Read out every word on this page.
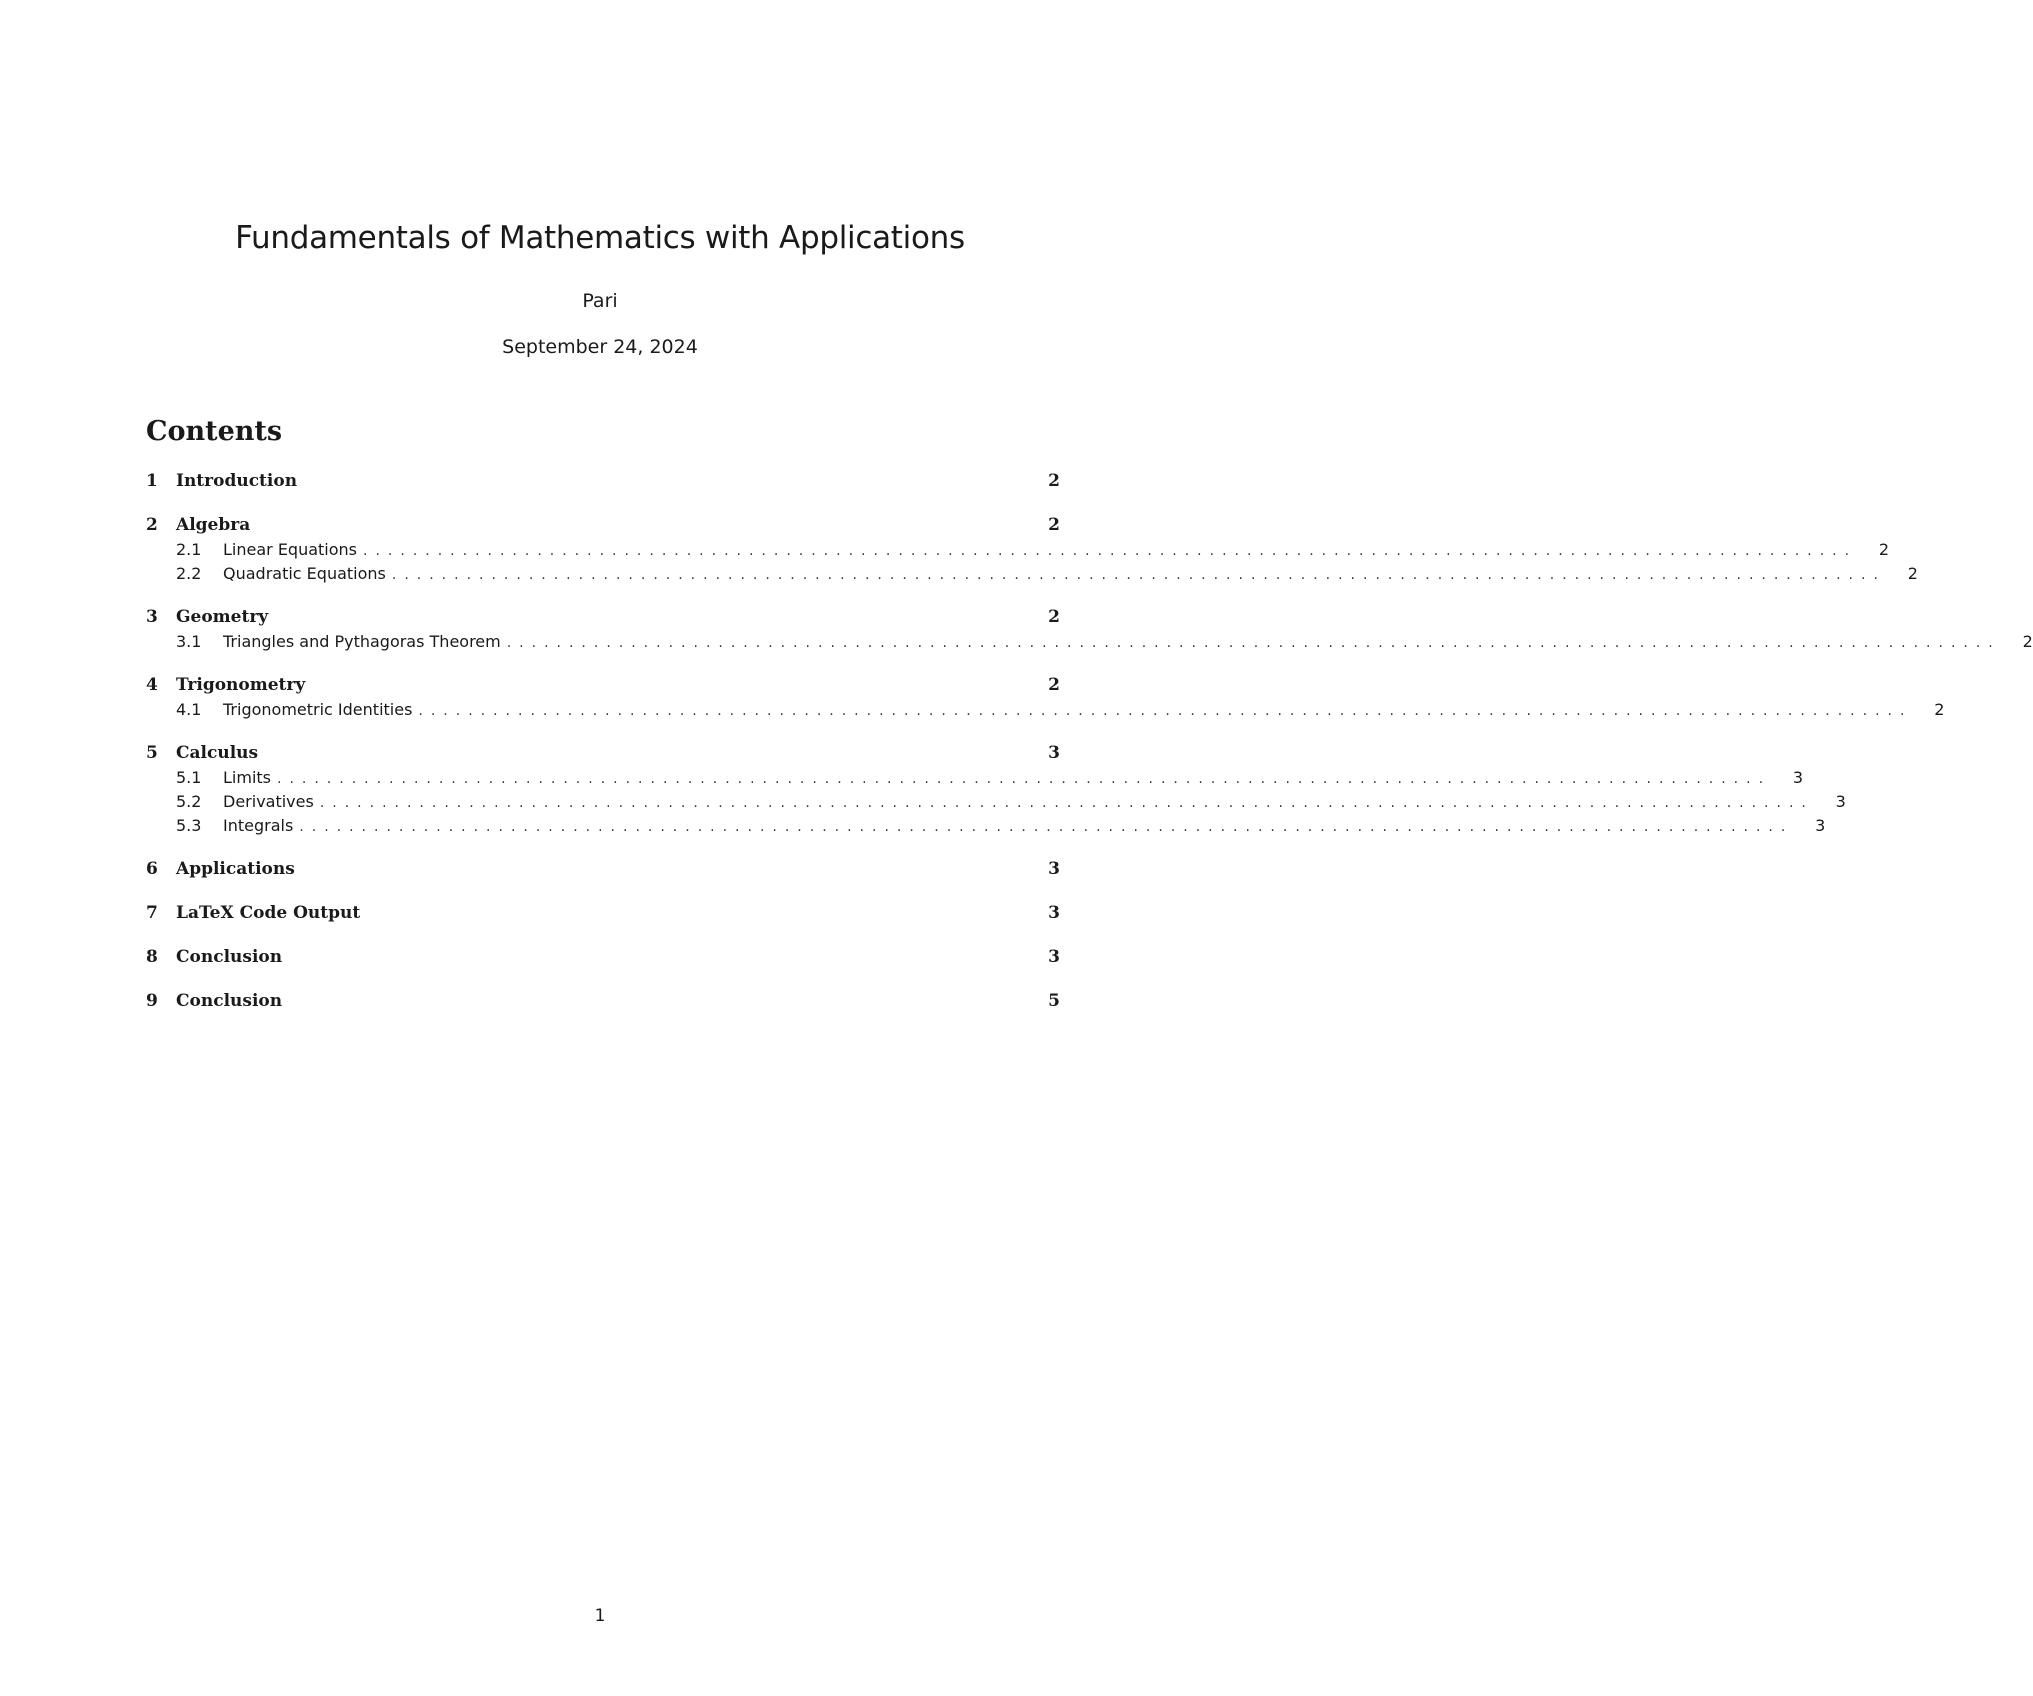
Fundamentals of Mathematics with Applications
Pari
September 24, 2024
Contents
1	Introduction	2
2	Algebra	2
2.1	Linear Equations ........................................................................................................................	2
2.2	Quadratic Equations ........................................................................................................................	2
3	Geometry	2
3.1	Triangles and Pythagoras Theorem ........................................................................................................................	2
4	Trigonometry	2
4.1	Trigonometric Identities ........................................................................................................................	2
5	Calculus	3
5.1	Limits ........................................................................................................................	3
5.2	Derivatives ........................................................................................................................	3
5.3	Integrals ........................................................................................................................	3
6	Applications	3
7	LaTeX Code Output	3
8	Conclusion	3
9	Conclusion	5
1
